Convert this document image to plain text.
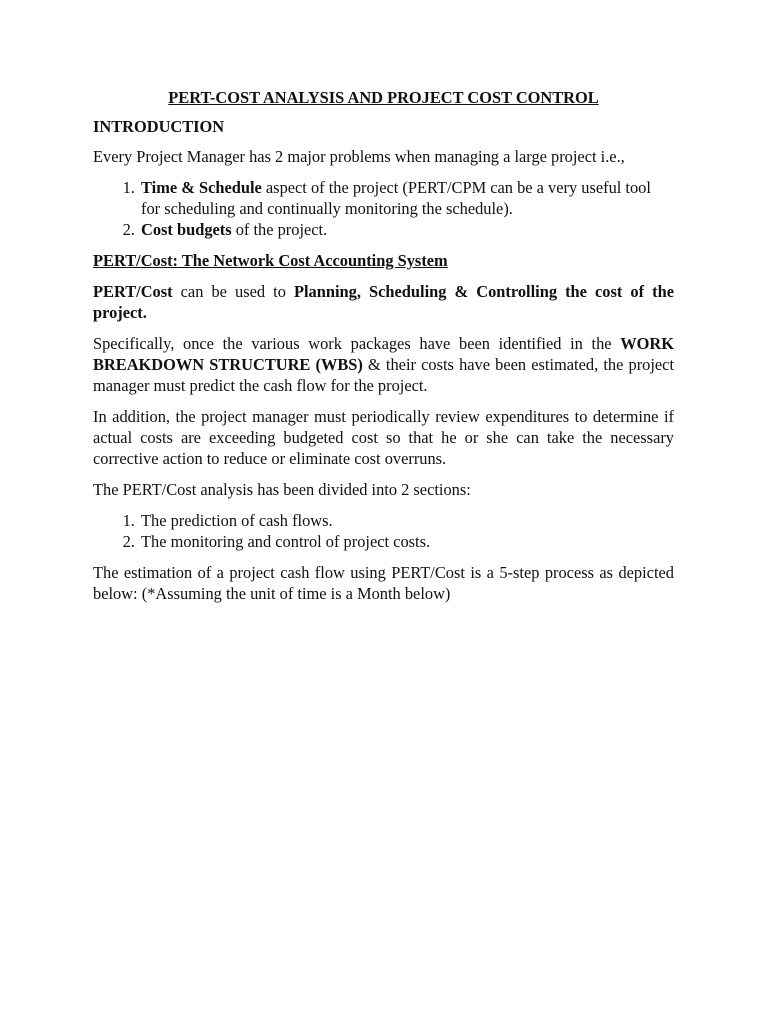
PERT-COST ANALYSIS AND PROJECT COST CONTROL
INTRODUCTION

Every Project Manager has 2 major problems when managing a large project i.e.,

1. Time & Schedule aspect of the project (PERT/CPM can be a very useful tool for scheduling and continually monitoring the schedule).
2. Cost budgets of the project.
PERT/Cost: The Network Cost Accounting System

PERT/Cost can be used to Planning, Scheduling & Controlling the cost of the project.

Specifically, once the various work packages have been identified in the WORK BREAKDOWN STRUCTURE (WBS) & their costs have been estimated, the project manager must predict the cash flow for the project.

In addition, the project manager must periodically review expenditures to determine if actual costs are exceeding budgeted cost so that he or she can take the necessary corrective action to reduce or eliminate cost overruns.

The PERT/Cost analysis has been divided into 2 sections:

1. The prediction of cash flows.
2. The monitoring and control of project costs.

The estimation of a project cash flow using PERT/Cost is a 5-step process as depicted below: (*Assuming the unit of time is a Month below)
